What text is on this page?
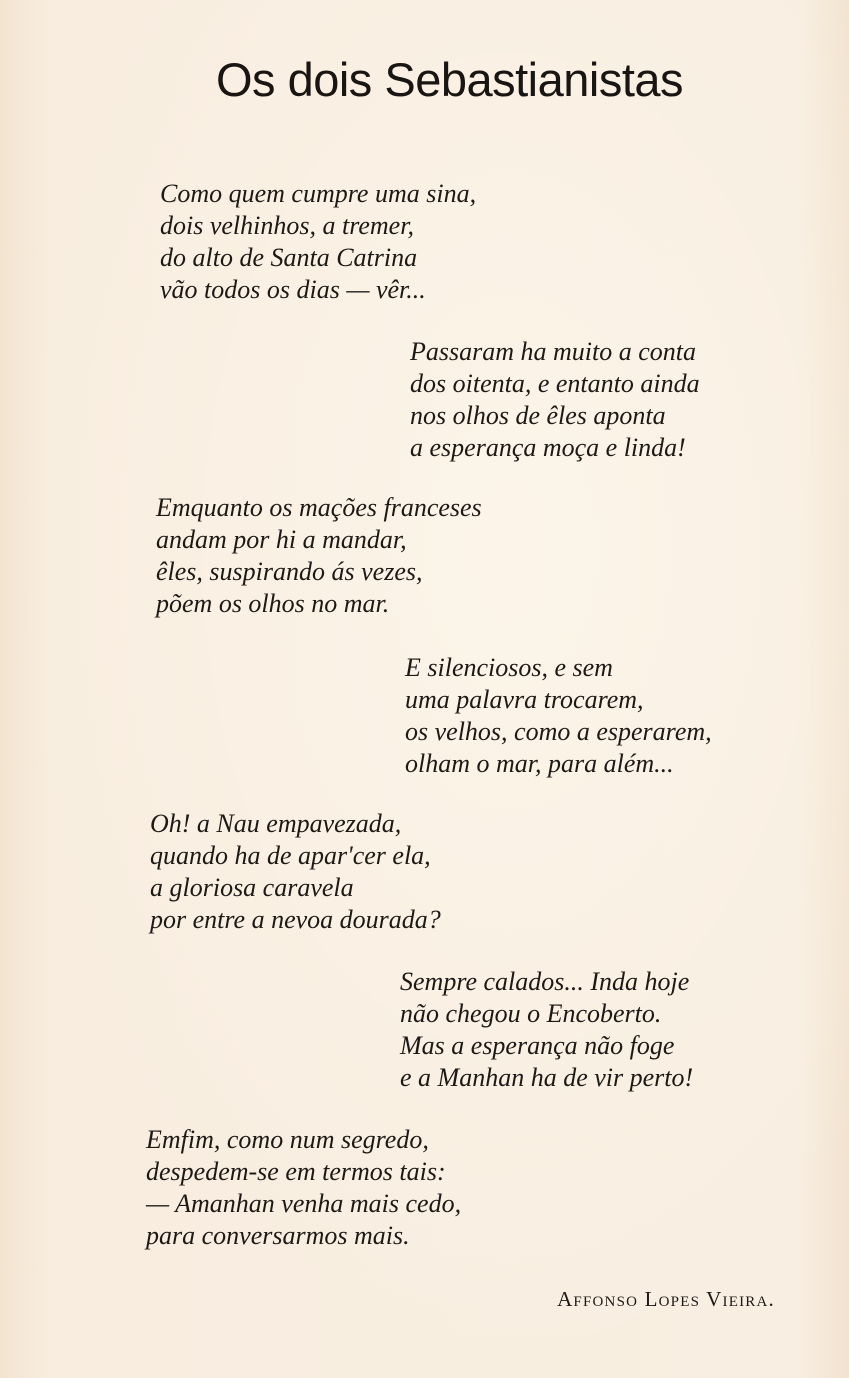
Os dois Sebastianistas
Como quem cumpre uma sina,
dois velhinhos, a tremer,
do alto de Santa Catrina
vão todos os dias — vêr...
Passaram ha muito a conta
dos oitenta, e entanto ainda
nos olhos de êles aponta
a esperança moça e linda!
Emquanto os mações franceses
andam por hi a mandar,
êles, suspirando ás vezes,
põem os olhos no mar.
E silenciosos, e sem
uma palavra trocarem,
os velhos, como a esperarem,
olham o mar, para além...
Oh! a Nau empavezada,
quando ha de apar'cer ela,
a gloriosa caravela
por entre a nevoa dourada?
Sempre calados... Inda hoje
não chegou o Encoberto.
Mas a esperança não foge
e a Manhan ha de vir perto!
Emfim, como num segredo,
despedem-se em termos tais:
— Amanhan venha mais cedo,
para conversarmos mais.
Affonso Lopes Vieira.
